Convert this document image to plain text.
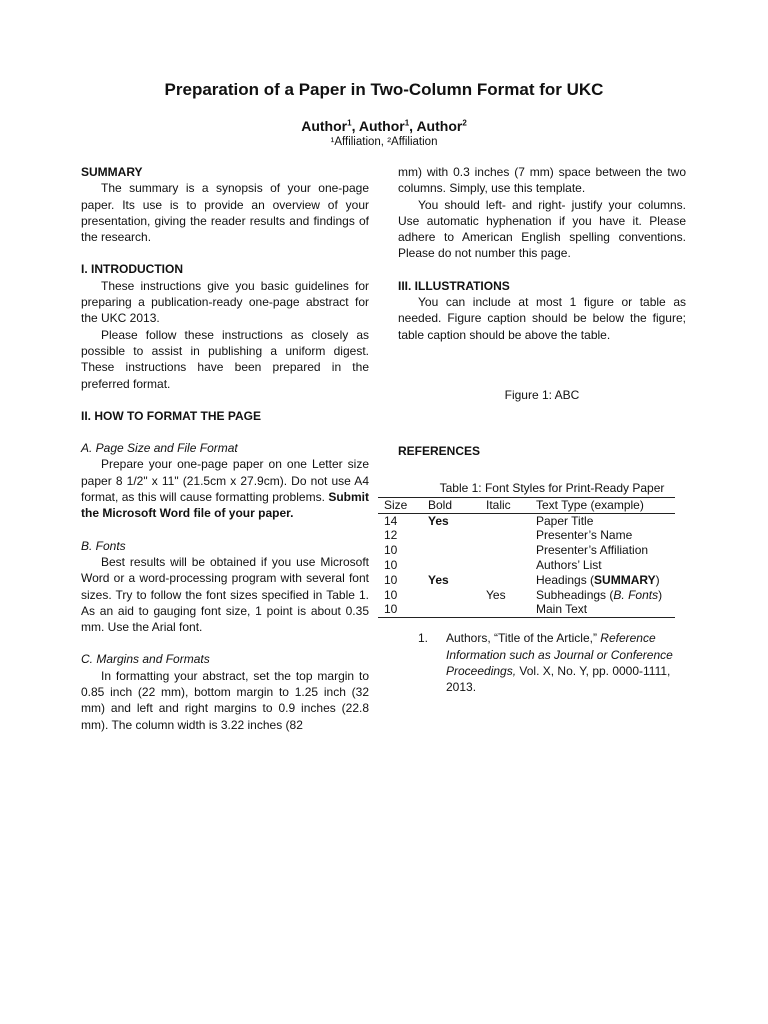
Preparation of a Paper in Two-Column Format for UKC
Author$^1$, Author$^1$, Author$^2$
¹Affiliation, ²Affiliation
SUMMARY

The summary is a synopsis of your one-page paper. Its use is to provide an overview of your presentation, giving the reader results and findings of the research.

I. INTRODUCTION

These instructions give you basic guidelines for preparing a publication-ready one-page abstract for the UKC 2013.

Please follow these instructions as closely as possible to assist in publishing a uniform digest. These instructions have been prepared in the preferred format.

II. HOW TO FORMAT THE PAGE
A. Page Size and File Format

Prepare your one-page paper on one Letter size paper 8 1/2" x 11" (21.5cm x 27.9cm). Do not use A4 format, as this will cause formatting problems. Submit the Microsoft Word file of your paper.

B. Fonts

Best results will be obtained if you use Microsoft Word or a word-processing program with several font sizes. Try to follow the font sizes specified in Table 1. As an aid to gauging font size, 1 point is about 0.35 mm. Use the Arial font.

C. Margins and Formats

In formatting your abstract, set the top margin to 0.85 inch (22 mm), bottom margin to 1.25 inch (32 mm) and left and right margins to 0.9 inches (22.8 mm). The column width is 3.22 inches (82

mm) with 0.3 inches (7 mm) space between the two columns. Simply, use this template.

You should left- and right- justify your columns. Use automatic hyphenation if you have it. Please adhere to American English spelling conventions. Please do not number this page.

III. ILLUSTRATIONS

You can include at most 1 figure or table as needed. Figure caption should be below the figure; table caption should be above the table.

Figure 1: ABC
REFERENCES
Table 1: Font Styles for Print-Ready Paper
Size	Bold	Italic	Text Type (example)
14	Yes		Paper Title
12			Presenter’s Name
10			Presenter’s Affiliation
10			Authors’ List
10	Yes		Headings (SUMMARY)
10		Yes	Subheadings (B. Fonts)
10			Main Text
1.	Authors, “Title of the Article,” Reference Information such as Journal or Conference Proceedings, Vol. X, No. Y, pp. 0000-1111, 2013.
